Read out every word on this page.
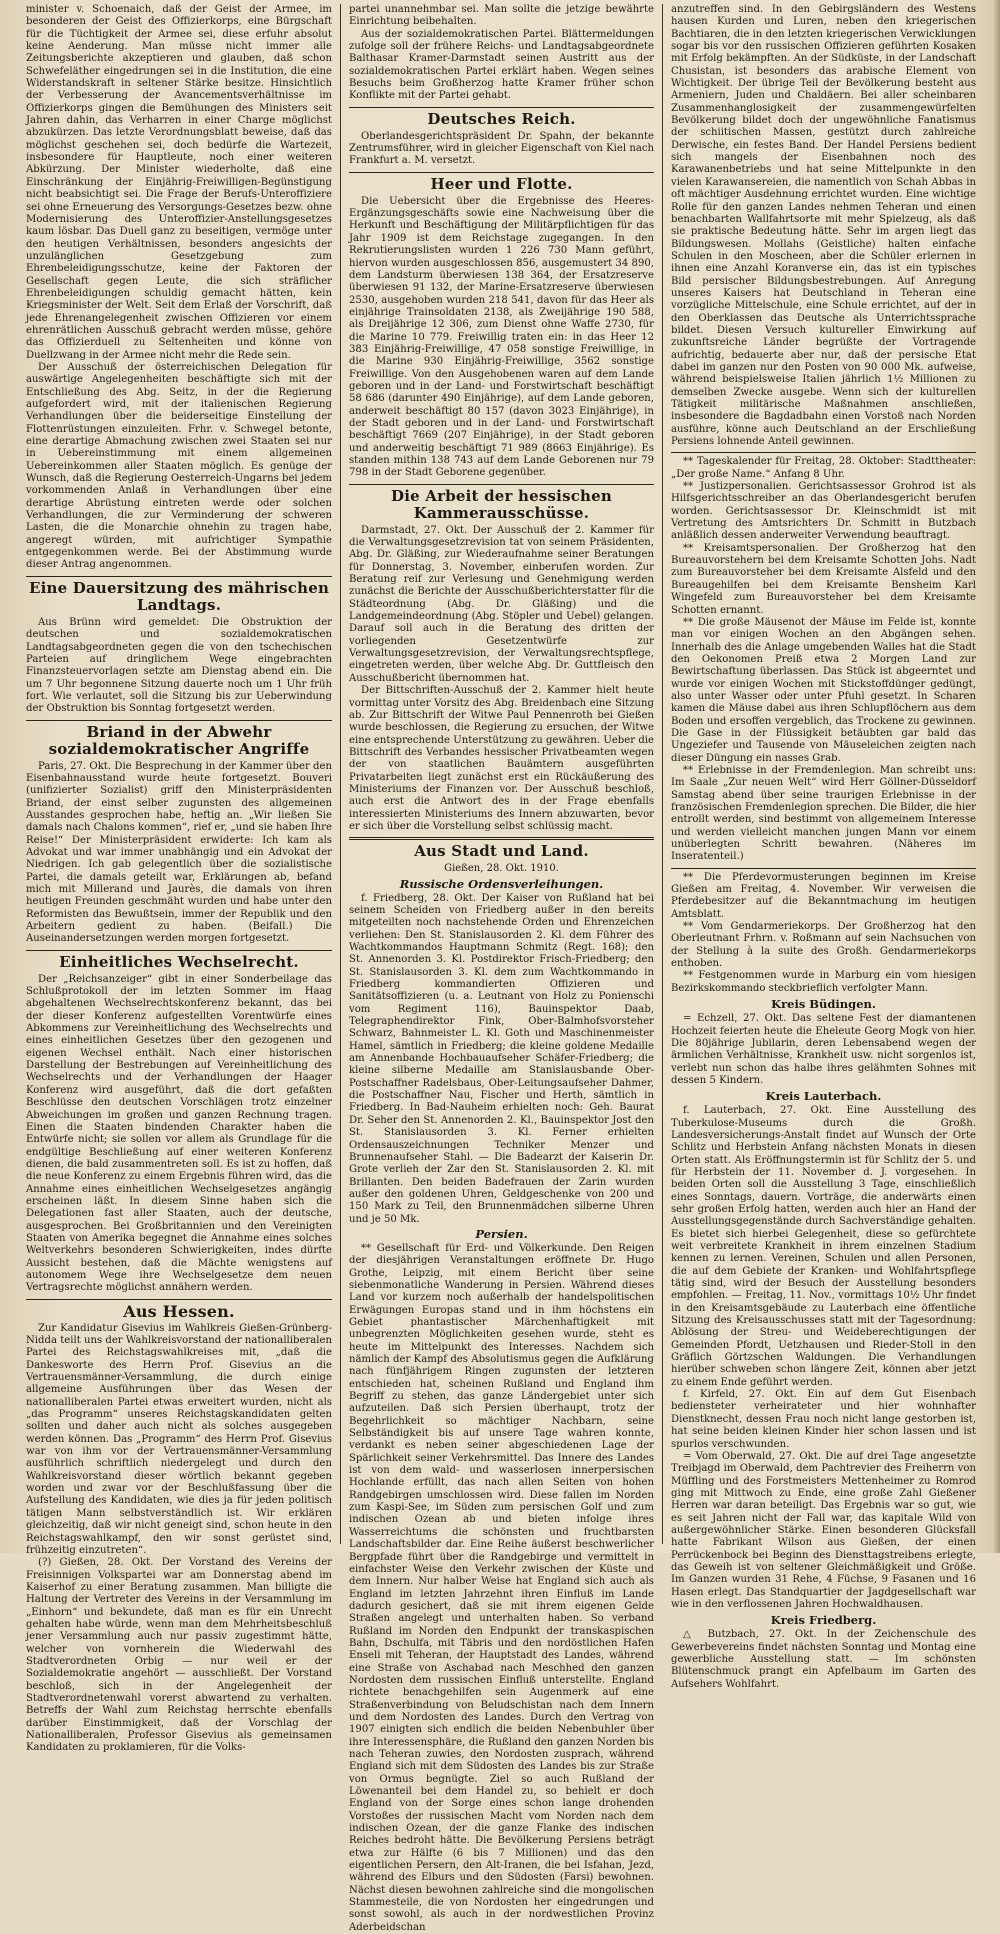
minister v. Schoenaich, daß der Geist der Armee, im besonderen der Geist des Offizierkorps, eine Bürgschaft für die Tüchtigkeit der Armee sei, diese erfuhr absolut keine Aenderung. Man müsse nicht immer alle Zeitungsberichte akzeptieren und glauben, daß schon Schwefeläther eingedrungen sei in die Institution, die eine Widerstandskraft in seltener Stärke besitze. Hinsichtlich der Verbesserung der Avancementsverhältnisse im Offizierkorps gingen die Bemühungen des Ministers seit Jahren dahin, das Verharren in einer Charge möglichst abzukürzen. Das letzte Verordnungsblatt beweise, daß das möglichst geschehen sei, doch bedürfe die Wartezeit, insbesondere für Hauptleute, noch einer weiteren Abkürzung. Der Minister wiederholte, daß eine Einschränkung der Einjährig-Freiwilligen-Begünstigung nicht beabsichtigt sei. Die Frage der Berufs-Unteroffiziere sei ohne Erneuerung des Versorgungs-Gesetzes bezw. ohne Modernisierung des Unteroffizier-Anstellungsgesetzes kaum lösbar. Das Duell ganz zu beseitigen, vermöge unter den heutigen Verhältnissen, besonders angesichts der unzulänglichen Gesetzgebung zum Ehrenbeleidigungsschutze, keine der Faktoren der Gesellschaft gegen Leute, die sich sträflicher Ehrenbeleidigungen schuldig gemacht hätten, kein Kriegsminister der Welt. Seit dem Erlaß der Vorschrift, daß jede Ehrenangelegenheit zwischen Offizieren vor einem ehrenrätlichen Ausschuß gebracht werden müsse, gehöre das Offizierduell zu Seltenheiten und könne von Duellzwang in der Armee nicht mehr die Rede sein.

Der Ausschuß der österreichischen Delegation für auswärtige Angelegenheiten beschäftigte sich mit der Entschließung des Abg. Seitz, in der die Regierung aufgefordert wird, mit der italienischen Regierung Verhandlungen über die beiderseitige Einstellung der Flottenrüstungen einzuleiten. Frhr. v. Schwegel betonte, eine derartige Abmachung zwischen zwei Staaten sei nur in Uebereinstimmung mit einem allgemeinen Uebereinkommen aller Staaten möglich. Es genüge der Wunsch, daß die Regierung Oesterreich-Ungarns bei jedem vorkommenden Anlaß in Verhandlungen über eine derartige Abrüstung eintreten werde oder solchen Verhandlungen, die zur Verminderung der schweren Lasten, die die Monarchie ohnehin zu tragen habe, angeregt würden, mit aufrichtiger Sympathie entgegenkommen werde. Bei der Abstimmung wurde dieser Antrag angenommen.

Eine Dauersitzung des mährischen Landtags.

Aus Brünn wird gemeldet: Die Obstruktion der deutschen und sozialdemokratischen Landtagsabgeordneten gegen die von den tschechischen Parteien auf dringlichem Wege eingebrachten Finanzsteuervorlagen setzte am Dienstag abend ein. Die um 7 Uhr begonnene Sitzung dauerte noch um 1 Uhr früh fort. Wie verlautet, soll die Sitzung bis zur Ueberwindung der Obstruktion bis Sonntag fortgesetzt werden.

Briand in der Abwehr sozialdemokratischer Angriffe

Paris, 27. Okt. Die Besprechung in der Kammer über den Eisenbahnausstand wurde heute fortgesetzt. Bouveri (unifizierter Sozialist) griff den Ministerpräsidenten Briand, der einst selber zugunsten des allgemeinen Ausstandes gesprochen habe, heftig an. „Wir ließen Sie damals nach Chalons kommen“, rief er, „und sie haben Ihre Reise!“ Der Ministerpräsident erwiderte: Ich kam als Advokat und war immer unabhängig und ein Advokat der Niedrigen. Ich gab gelegentlich über die sozialistische Partei, die damals geteilt war, Erklärungen ab, befand mich mit Millerand und Jaurès, die damals von ihren heutigen Freunden geschmäht wurden und habe unter den Reformisten das Bewußtsein, immer der Republik und den Arbeitern gedient zu haben. (Beifall.) Die Auseinandersetzungen werden morgen fortgesetzt.

Einheitliches Wechselrecht.

Der „Reichsanzeiger“ gibt in einer Sonderbeilage das Schlußprotokoll der im letzten Sommer im Haag abgehaltenen Wechselrechtskonferenz bekannt, das bei der dieser Konferenz aufgestellten Vorentwürfe eines Abkommens zur Vereinheitlichung des Wechselrechts und eines einheitlichen Gesetzes über den gezogenen und eigenen Wechsel enthält. Nach einer historischen Darstellung der Bestrebungen auf Vereinheitlichung des Wechselrechts und der Verhandlungen der Haager Konferenz wird ausgeführt, daß die dort gefaßten Beschlüsse den deutschen Vorschlägen trotz einzelner Abweichungen im großen und ganzen Rechnung tragen. Einen die Staaten bindenden Charakter haben die Entwürfe nicht; sie sollen vor allem als Grundlage für die endgültige Beschließung auf einer weiteren Konferenz dienen, die bald zusammentreten soll. Es ist zu hoffen, daß die neue Konferenz zu einem Ergebnis führen wird, das die Annahme eines einheitlichen Wechselgesetzes angängig erscheinen läßt. In diesem Sinne haben sich die Delegationen fast aller Staaten, auch der deutsche, ausgesprochen. Bei Großbritannien und den Vereinigten Staaten von Amerika begegnet die Annahme eines solches Weltverkehrs besonderen Schwierigkeiten, indes dürfte Aussicht bestehen, daß die Mächte wenigstens auf autonomem Wege ihre Wechselgesetze dem neuen Vertragsrechte möglichst annähern werden.

Aus Hessen.

Zur Kandidatur Gisevius im Wahlkreis Gießen-Grünberg-Nidda teilt uns der Wahlkreisvorstand der nationalliberalen Partei des Reichstagswahlkreises mit, „daß die Dankesworte des Herrn Prof. Gisevius an die Vertrauensmänner-Versammlung, die durch einige allgemeine Ausführungen über das Wesen der nationalliberalen Partei etwas erweitert wurden, nicht als „das Programm“ unseres Reichstagskandidaten gelten sollten und daher auch nicht als solches ausgegeben werden können. Das „Programm“ des Herrn Prof. Gisevius war von ihm vor der Vertrauensmänner-Versammlung ausführlich schriftlich niedergelegt und durch den Wahlkreisvorstand dieser wörtlich bekannt gegeben worden und zwar vor der Beschlußfassung über die Aufstellung des Kandidaten, wie dies ja für jeden politisch tätigen Mann selbstverständlich ist. Wir erklären gleichzeitig, daß wir nicht geneigt sind, schon heute in den Reichstagswahlkampf, den wir sonst gerüstet sind, frühzeitig einzutreten“.

(?) Gießen, 28. Okt. Der Vorstand des Vereins der Freisinnigen Volkspartei war am Donnerstag abend im Kaiserhof zu einer Beratung zusammen. Man billigte die Haltung der Vertreter des Vereins in der Versammlung im „Einhorn“ und bekundete, daß man es für ein Unrecht gehalten habe würde, wenn man dem Mehrheitsbeschluß jener Versammlung auch nur passiv zugestimmt hätte, welcher von vornherein die Wiederwahl des Stadtverordneten Orbig — nur weil er der Sozialdemokratie angehört — ausschließt. Der Vorstand beschloß, sich in der Angelegenheit der Stadtverordnetenwahl vorerst abwartend zu verhalten. Betreffs der Wahl zum Reichstag herrschte ebenfalls darüber Einstimmigkeit, daß der Vorschlag der Nationalliberalen, Professor Gisevius als gemeinsamen Kandidaten zu proklamieren, für die Volks-

partei unannehmbar sei. Man sollte die jetzige bewährte Einrichtung beibehalten.

Aus der sozialdemokratischen Partei. Blättermeldungen zufolge soll der frühere Reichs- und Landtagsabgeordnete Balthasar Kramer-Darmstadt seinen Austritt aus der sozialdemokratischen Partei erklärt haben. Wegen seines Besuchs beim Großherzog hatte Kramer früher schon Konflikte mit der Partei gehabt.

Deutsches Reich.

Oberlandesgerichtspräsident Dr. Spahn, der bekannte Zentrumsführer, wird in gleicher Eigenschaft von Kiel nach Frankfurt a. M. versetzt.

Heer und Flotte.

Die Uebersicht über die Ergebnisse des Heeres-Ergänzungsgeschäfts sowie eine Nachweisung über die Herkunft und Beschäftigung der Militärpflichtigen für das Jahr 1909 ist dem Reichstage zugegangen. In den Rekrutierungslisten wurden 1 226 730 Mann geführt, hiervon wurden ausgeschlossen 856, ausgemustert 34 890, dem Landsturm überwiesen 138 364, der Ersatzreserve überwiesen 91 132, der Marine-Ersatzreserve überwiesen 2530, ausgehoben wurden 218 541, davon für das Heer als einjährige Trainsoldaten 2138, als Zweijährige 190 588, als Dreijährige 12 306, zum Dienst ohne Waffe 2730, für die Marine 10 779. Freiwillig traten ein: in das Heer 12 383 Einjährig-Freiwillige, 47 058 sonstige Freiwillige, in die Marine 930 Einjährig-Freiwillige, 3562 sonstige Freiwillige. Von den Ausgehobenen waren auf dem Lande geboren und in der Land- und Forstwirtschaft beschäftigt 58 686 (darunter 490 Einjährige), auf dem Lande geboren, anderweit beschäftigt 80 157 (davon 3023 Einjährige), in der Stadt geboren und in der Land- und Forstwirtschaft beschäftigt 7669 (207 Einjährige), in der Stadt geboren und anderweitig beschäftigt 71 989 (8663 Einjährige). Es standen mithin 138 743 auf dem Lande Geborenen nur 79 798 in der Stadt Geborene gegenüber.

Die Arbeit der hessischen Kammerausschüsse.

Darmstadt, 27. Okt. Der Ausschuß der 2. Kammer für die Verwaltungsgesetzrevision tat von seinem Präsidenten, Abg. Dr. Gläßing, zur Wiederaufnahme seiner Beratungen für Donnerstag, 3. November, einberufen worden. Zur Beratung reif zur Verlesung und Genehmigung werden zunächst die Berichte der Ausschußberichterstatter für die Städteordnung (Abg. Dr. Gläßing) und die Landgemeindeordnung (Abg. Stöpler und Uebel) gelangen. Darauf soll auch in die Beratung des dritten der vorliegenden Gesetzentwürfe zur Verwaltungsgesetzrevision, der Verwaltungsrechtspflege, eingetreten werden, über welche Abg. Dr. Guttfleisch den Ausschußbericht übernommen hat.

Der Bittschriften-Ausschuß der 2. Kammer hielt heute vormittag unter Vorsitz des Abg. Breidenbach eine Sitzung ab. Zur Bittschrift der Witwe Paul Pennenroth bei Gießen wurde beschlossen, die Regierung zu ersuchen, der Witwe eine entsprechende Unterstützung zu gewähren. Ueber die Bittschrift des Verbandes hessischer Privatbeamten wegen der von staatlichen Bauämtern ausgeführten Privatarbeiten liegt zunächst erst ein Rückäußerung des Ministeriums der Finanzen vor. Der Ausschuß beschloß, auch erst die Antwort des in der Frage ebenfalls interessierten Ministeriums des Innern abzuwarten, bevor er sich über die Vorstellung selbst schlüssig macht.

Aus Stadt und Land.
Gießen, 28. Okt. 1910.
Russische Ordensverleihungen.

f. Friedberg, 28. Okt. Der Kaiser von Rußland hat bei seinem Scheiden von Friedberg außer in den bereits mitgeteilten noch nachstehende Orden und Ehrenzeichen verliehen: Den St. Stanislausorden 2. Kl. dem Führer des Wachtkommandos Hauptmann Schmitz (Regt. 168); den St. Annenorden 3. Kl. Postdirektor Frisch-Friedberg; den St. Stanislausorden 3. Kl. dem zum Wachtkommando in Friedberg kommandierten Offizieren und Sanitätsoffizieren (u. a. Leutnant von Holz zu Ponienschi vom Regiment 116), Bauinspektor Daab, Telegraphendirektor Fink, Ober-Balmhofsvorsteher Schwarz, Bahnmeister L. Kl. Goth und Maschinenmeister Hamel, sämtlich in Friedberg; die kleine goldene Medaille am Annenbande Hochbauaufseher Schäfer-Friedberg; die kleine silberne Medaille am Stanislausbande Ober-Postschaffner Radelsbaus, Ober-Leitungsaufseher Dahmer, die Postschaffner Nau, Fischer und Herth, sämtlich in Friedberg. In Bad-Nauheim erhielten noch: Geh. Baurat Dr. Seher den St. Annenorden 2. Kl., Bauinspektor Jost den St. Stanislausorden 3. Kl. Ferner erhielten Ordensauszeichnungen Techniker Menzer und Brunnenaufseher Stahl. — Die Badearzt der Kaiserin Dr. Grote verlieh der Zar den St. Stanislausorden 2. Kl. mit Brillanten. Den beiden Badefrauen der Zarin wurden außer den goldenen Uhren, Geldgeschenke von 200 und 150 Mark zu Teil, den Brunnenmädchen silberne Uhren und je 50 Mk.

Persien.

** Gesellschaft für Erd- und Völkerkunde. Den Reigen der diesjährigen Veranstaltungen eröffnete Dr. Hugo Grothe, Leipzig, mit einem Bericht über seine siebenmonatliche Wanderung in Persien. Während dieses Land vor kurzem noch außerhalb der handelspolitischen Erwägungen Europas stand und in ihm höchstens ein Gebiet phantastischer Märchenhaftigkeit mit unbegrenzten Möglichkeiten gesehen wurde, steht es heute im Mittelpunkt des Interesses. Nachdem sich nämlich der Kampf des Absolutismus gegen die Aufklärung nach fünfjährigem Ringen zugunsten der letzteren entschieden hat, scheinen Rußland und England ihm Begriff zu stehen, das ganze Ländergebiet unter sich aufzuteilen. Daß sich Persien überhaupt, trotz der Begehrlichkeit so mächtiger Nachbarn, seine Selbständigkeit bis auf unsere Tage wahren konnte, verdankt es neben seiner abgeschiedenen Lage der Spärlichkeit seiner Verkehrsmittel. Das Innere des Landes ist von dem wald- und wasserlosen innerpersischen Hochlande erfüllt, das nach allen Seiten von hohen Randgebirgen umschlossen wird. Diese fallen im Norden zum Kaspi-See, im Süden zum persischen Golf und zum indischen Ozean ab und bieten infolge ihres Wasserreichtums die schönsten und fruchtbarsten Landschaftsbilder dar. Eine Reihe äußerst beschwerlicher Bergpfade führt über die Randgebirge und vermittelt in einfachster Weise den Verkehr zwischen der Küste und dem Innern. Nur halber Weise hat England sich auch als England im letzten Jahrzehnt ihren Einfluß im Lande dadurch gesichert, daß sie mit ihrem eigenen Gelde Straßen angelegt und unterhalten haben. So verband Rußland im Norden den Endpunkt der transkaspischen Bahn, Dschulfa, mit Täbris und den nordöstlichen Hafen Enseli mit Teheran, der Hauptstadt des Landes, während eine Straße von Aschabad nach Meschhed den ganzen Nordosten dem russischen Einfluß unterstellte. England richtete benachgehilfen sein Augenmerk auf eine Straßenverbindung von Beludschistan nach dem Innern und dem Nordosten des Landes. Durch den Vertrag von 1907 einigten sich endlich die beiden Nebenbuhler über ihre Interessensphäre, die Rußland den ganzen Norden bis nach Teheran zuwies, den Nordosten zusprach, während England sich mit dem Südosten des Landes bis zur Straße von Ormus begnügte. Ziel so auch Rußland der Löwenanteil bei dem Handel zu, so behielt er doch England von der Sorge eines schon lange drohenden Vorstoßes der russischen Macht vom Norden nach dem indischen Ozean, der die ganze Flanke des indischen Reiches bedroht hätte. Die Bevölkerung Persiens beträgt etwa zur Hälfte (6 bis 7 Millionen) und das den eigentlichen Persern, den Alt-Iranen, die bei Isfahan, Jezd, während des Elburs und den Südosten (Farsi) bewohnen. Nächst diesen bewohnen zahlreiche sind die mongolischen Stammesteile, die von Nordosten her eingedrungen und sonst sowohl, als auch in der nordwestlichen Provinz Aderbeidschan

anzutreffen sind. In den Gebirgsländern des Westens hausen Kurden und Luren, neben den kriegerischen Bachtiaren, die in den letzten kriegerischen Verwicklungen sogar bis vor den russischen Offizieren geführten Kosaken mit Erfolg bekämpften. An der Südküste, in der Landschaft Chusistan, ist besonders das arabische Element von Wichtigkeit. Der übrige Teil der Bevölkerung besteht aus Armeniern, Juden und Chaldäern. Bei aller scheinbaren Zusammenhanglosigkeit der zusammengewürfelten Bevölkerung bildet doch der ungewöhnliche Fanatismus der schiitischen Massen, gestützt durch zahlreiche Derwische, ein festes Band. Der Handel Persiens bedient sich mangels der Eisenbahnen noch des Karawanenbetriebs und hat seine Mittelpunkte in den vielen Karawansereien, die namentlich von Schah Abbas in oft mächtiger Ausdehnung errichtet wurden. Eine wichtige Rolle für den ganzen Landes nehmen Teheran und einen benachbarten Wallfahrtsorte mit mehr Spielzeug, als daß sie praktische Bedeutung hätte. Sehr im argen liegt das Bildungswesen. Mollahs (Geistliche) halten einfache Schulen in den Moscheen, aber die Schüler erlernen in ihnen eine Anzahl Koranverse ein, das ist ein typisches Bild persischer Bildungsbestrebungen. Auf Anregung unseres Kaisers hat Deutschland in Teheran eine vorzügliche Mittelschule, eine Schule errichtet, auf der in den Oberklassen das Deutsche als Unterrichtssprache bildet. Diesen Versuch kultureller Einwirkung auf zukunftsreiche Länder begrüßte der Vortragende aufrichtig, bedauerte aber nur, daß der persische Etat dabei im ganzen nur den Posten von 90 000 Mk. aufweise, während beispielsweise Italien jährlich 1½ Millionen zu demselben Zwecke ausgebe. Wenn sich der kulturellen Tätigkeit militärische Maßnahmen anschließen, insbesondere die Bagdadbahn einen Vorstoß nach Norden ausführe, könne auch Deutschland an der Erschließung Persiens lohnende Anteil gewinnen.

** Tageskalender für Freitag, 28. Oktober: Stadttheater: „Der große Name.“ Anfang 8 Uhr.

** Justizpersonalien. Gerichtsassessor Grohrod ist als Hilfsgerichtsschreiber an das Oberlandesgericht berufen worden. Gerichtsassessor Dr. Kleinschmidt ist mit Vertretung des Amtsrichters Dr. Schmitt in Butzbach anläßlich dessen anderweiter Verwendung beauftragt.

** Kreisamtspersonalien. Der Großherzog hat den Bureauvorstehern bei dem Kreisamte Schotten Johs. Nadt zum Bureauvorsteher bei dem Kreisamte Alsfeld und den Bureaugehilfen bei dem Kreisamte Bensheim Karl Wingefeld zum Bureauvorsteher bei dem Kreisamte Schotten ernannt.

** Die große Mäusenot der Mäuse im Felde ist, konnte man vor einigen Wochen an den Abgängen sehen. Innerhalb des die Anlage umgebenden Walles hat die Stadt den Oekonomen Preiß etwa 2 Morgen Land zur Bewirtschaftung überlassen. Das Stück ist abgeerntet und wurde vor einigen Wochen mit Stickstoffdünger gedüngt, also unter Wasser oder unter Pfuhl gesetzt. In Scharen kamen die Mäuse dabei aus ihren Schlupflöchern aus dem Boden und ersoffen vergeblich, das Trockene zu gewinnen. Die Gase in der Flüssigkeit betäubten gar bald das Ungeziefer und Tausende von Mäuseleichen zeigten nach dieser Düngung ein nasses Grab.

** Erlebnisse in der Fremdenlegion. Man schreibt uns: Im Saale „Zur neuen Welt“ wird Herr Göllner-Düsseldorf Samstag abend über seine traurigen Erlebnisse in der französischen Fremdenlegion sprechen. Die Bilder, die hier entrollt werden, sind bestimmt von allgemeinem Interesse und werden vielleicht manchen jungen Mann vor einem unüberlegten Schritt bewahren. (Näheres im Inseratenteil.)

** Die Pferdevormusterungen beginnen im Kreise Gießen am Freitag, 4. November. Wir verweisen die Pferdebesitzer auf die Bekanntmachung im heutigen Amtsblatt.

** Vom Gendarmeriekorps. Der Großherzog hat den Oberleutnant Frhrn. v. Roßmann auf sein Nachsuchen von der Stellung à la suite des Großh. Gendarmeriekorps enthoben.

** Festgenommen wurde in Marburg ein vom hiesigen Bezirkskommando steckbrieflich verfolgter Mann.

Kreis Büdingen.

= Echzell, 27. Okt. Das seltene Fest der diamantenen Hochzeit feierten heute die Eheleute Georg Mogk von hier. Die 80jährige Jubilarin, deren Lebensabend wegen der ärmlichen Verhältnisse, Krankheit usw. nicht sorgenlos ist, verlebt nun schon das halbe ihres gelähmten Sohnes mit dessen 5 Kindern.

Kreis Lauterbach.

f. Lauterbach, 27. Okt. Eine Ausstellung des Tuberkulose-Museums durch die Großh. Landesversicherungs-Anstalt findet auf Wunsch der Orte Schlitz und Herbstein Anfang nächsten Monats in diesen Orten statt. Als Eröffnungstermin ist für Schlitz der 5. und für Herbstein der 11. November d. J. vorgesehen. In beiden Orten soll die Ausstellung 3 Tage, einschließlich eines Sonntags, dauern. Vorträge, die anderwärts einen sehr großen Erfolg hatten, werden auch hier an Hand der Ausstellungsgegenstände durch Sachverständige gehalten. Es bietet sich hierbei Gelegenheit, diese so gefürchtete weit verbreitete Krankheit in ihrem einzelnen Stadium kennen zu lernen. Vereinen, Schulen und allen Personen, die auf dem Gebiete der Kranken- und Wohlfahrtspflege tätig sind, wird der Besuch der Ausstellung besonders empfohlen. — Freitag, 11. Nov., vormittags 10½ Uhr findet in den Kreisamtsgebäude zu Lauterbach eine öffentliche Sitzung des Kreisausschusses statt mit der Tagesordnung: Ablösung der Streu- und Weideberechtigungen der Gemeinden Pfordt, Uetzhausen und Rieder-Stoll in den Gräflich Görtzschen Waldungen. Die Verhandlungen hierüber schweben schon längere Zeit, können aber jetzt zu einem Ende geführt werden.

f. Kirfeld, 27. Okt. Ein auf dem Gut Eisenbach bediensteter verheirateter und hier wohnhafter Dienstknecht, dessen Frau noch nicht lange gestorben ist, hat seine beiden kleinen Kinder hier schon lassen und ist spurlos verschwunden.

= Vom Oberwald, 27. Okt. Die auf drei Tage angesetzte Treibjagd im Oberwald, dem Pachtrevier des Freiherrn von Müffling und des Forstmeisters Mettenheimer zu Romrod ging mit Mittwoch zu Ende, eine große Zahl Gießener Herren war daran beteiligt. Das Ergebnis war so gut, wie es seit Jahren nicht der Fall war, das kapitale Wild von außergewöhnlicher Stärke. Einen besonderen Glücksfall hatte Fabrikant Wilson aus Gießen, der einen Perrückenbock bei Beginn des Diensttagstreibens erlegte, das Geweih ist von seltener Gleichmäßigkeit und Größe. Im Ganzen wurden 31 Rehe, 4 Füchse, 9 Fasanen und 16 Hasen erlegt. Das Standquartier der Jagdgesellschaft war wie in den verflossenen Jahren Hochwaldhausen.

Kreis Friedberg.

△ Butzbach, 27. Okt. In der Zeichenschule des Gewerbevereins findet nächsten Sonntag und Montag eine gewerbliche Ausstellung statt. — Im schönsten Blütenschmuck prangt ein Apfelbaum im Garten des Aufsehers Wohlfahrt.
